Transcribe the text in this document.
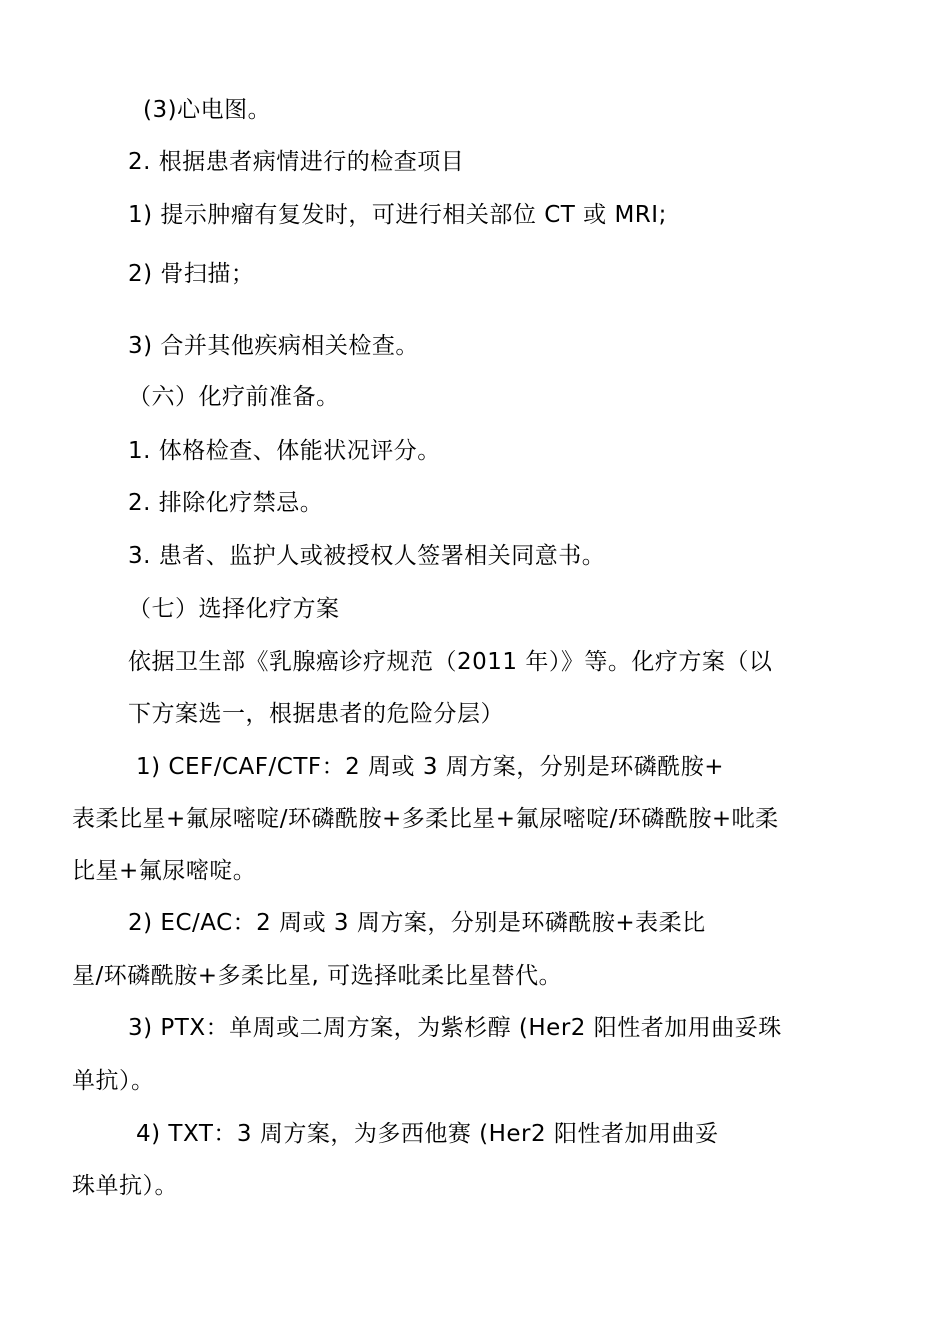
(3)心电图。
2. 根据患者病情进行的检查项目
1) 提示肿瘤有复发时，可进行相关部位 CT 或 MRI;
2) 骨扫描；
3) 合并其他疾病相关检查。
（六）化疗前准备。
1. 体格检查、体能状况评分。
2. 排除化疗禁忌。
3. 患者、监护人或被授权人签署相关同意书。
（七）选择化疗方案
依据卫生部《乳腺癌诊疗规范（2011 年）》等。化疗方案（以
下方案选一，根据患者的危险分层）
1) CEF/CAF/CTF：2 周或 3 周方案，分别是环磷酰胺+
表柔比星+氟尿嘧啶/环磷酰胺+多柔比星+氟尿嘧啶/环磷酰胺+吡柔
比星+氟尿嘧啶。
2) EC/AC：2 周或 3 周方案，分别是环磷酰胺+表柔比
星/环磷酰胺+多柔比星, 可选择吡柔比星替代。
3) PTX：单周或二周方案，为紫杉醇 (Her2 阳性者加用曲妥珠
单抗）。
4) TXT：3 周方案，为多西他赛 (Her2 阳性者加用曲妥
珠单抗）。
